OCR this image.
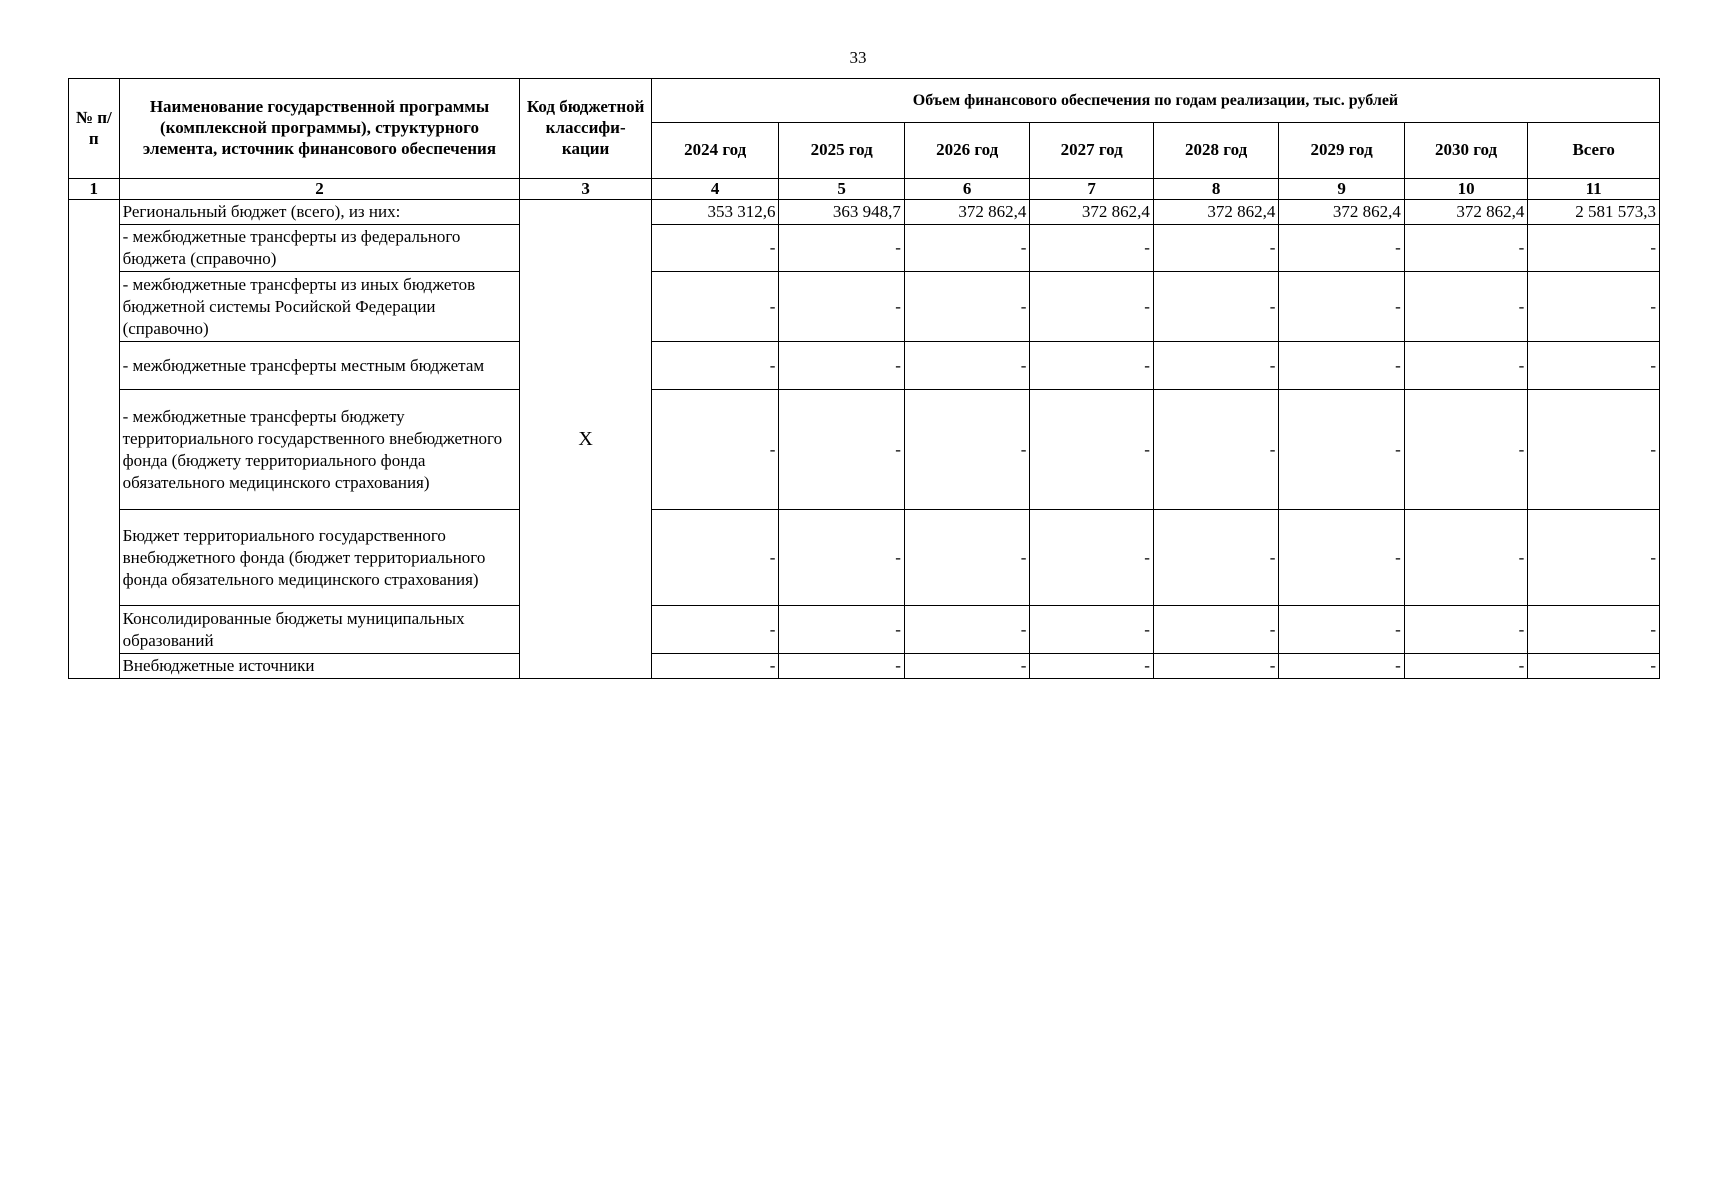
33
№ п/п	Наименование государственной программы (комплексной программы), структурного элемента, источник финансового обеспечения	Код бюджетной классифи-кации	Объем финансового обеспечения по годам реализации, тыс. рублей							
			2024 год	2025 год	2026 год	2027 год	2028 год	2029 год	2030 год	Всего
1	2	3	4	5	6	7	8	9	10	11
	Региональный бюджет (всего), из них:	X	353 312,6	363 948,7	372 862,4	372 862,4	372 862,4	372 862,4	372 862,4	2 581 573,3
	- межбюджетные трансферты из федерального бюджета (справочно)		-	-	-	-	-	-	-	-
	- межбюджетные трансферты из иных бюджетов бюджетной системы Росийской Федерации (справочно)		-	-	-	-	-	-	-	-
	- межбюджетные трансферты местным бюджетам		-	-	-	-	-	-	-	-
	- межбюджетные трансферты бюджету территориального государственного внебюджетного фонда (бюджету территориального фонда обязательного медицинского страхования)		-	-	-	-	-	-	-	-
	Бюджет территориального государственного внебюджетного фонда (бюджет территориального фонда обязательного медицинского страхования)		-	-	-	-	-	-	-	-
	Консолидированные бюджеты муниципальных образований		-	-	-	-	-	-	-	-
	Внебюджетные источники		-	-	-	-	-	-	-	-
